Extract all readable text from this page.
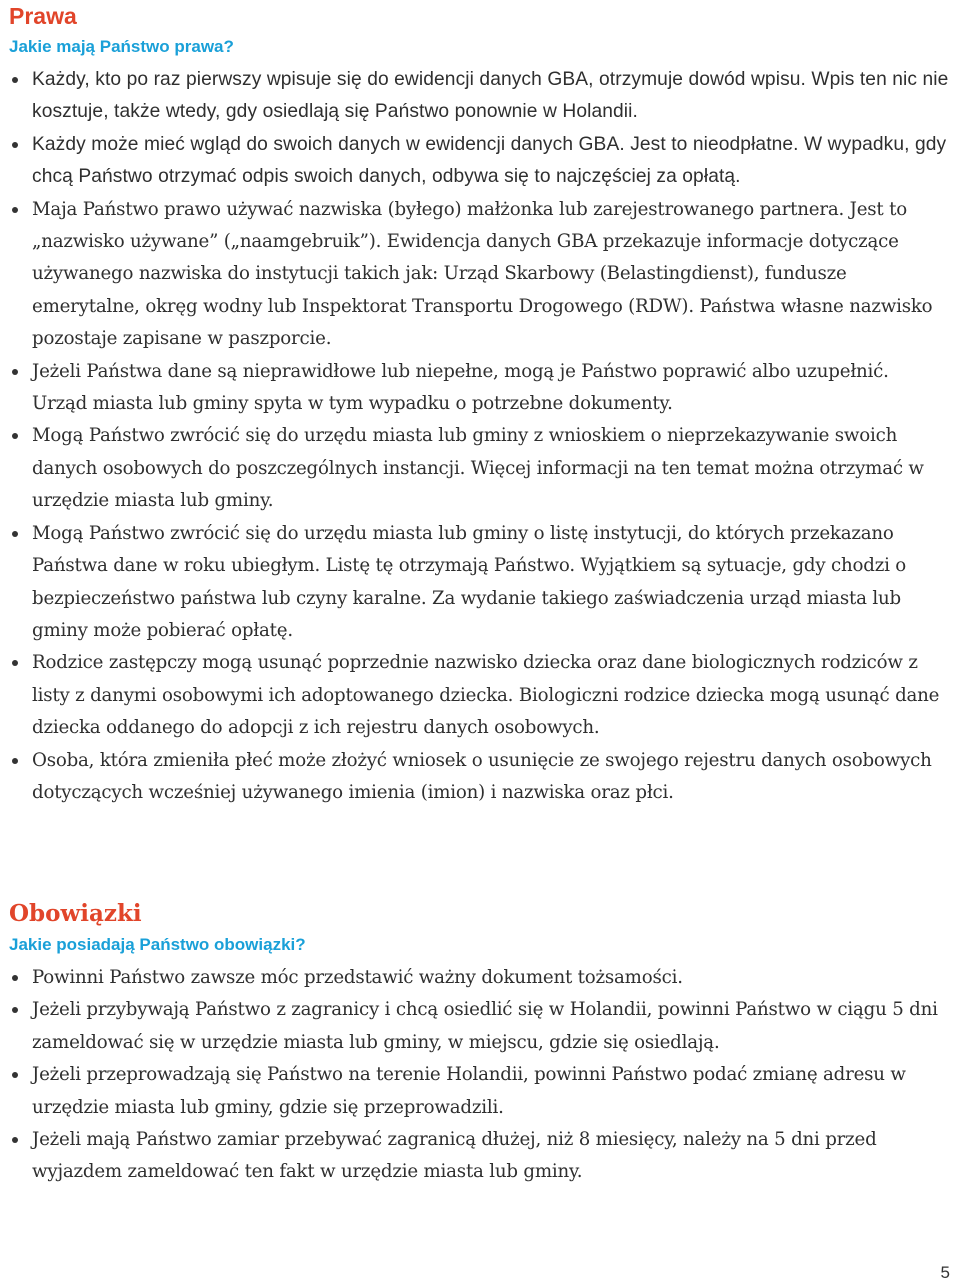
Prawa
Jakie mają Państwo prawa?
Każdy, kto po raz pierwszy wpisuje się do ewidencji danych GBA, otrzymuje dowód wpisu. Wpis ten nic nie kosztuje, także wtedy, gdy osiedlają się Państwo ponownie w Holandii.
Każdy może mieć wgląd do swoich danych w ewidencji danych GBA. Jest to nieodpłatne. W wypadku, gdy chcą Państwo otrzymać odpis swoich danych, odbywa się to najczęściej za opłatą.
Maja Państwo prawo używać nazwiska (byłego) małżonka lub zarejestrowanego partnera. Jest to „nazwisko używane” („naamgebruik”). Ewidencja danych GBA przekazuje informacje dotyczące używanego nazwiska do instytucji takich jak: Urząd Skarbowy (Belastingdienst), fundusze emerytalne, okręg wodny lub Inspektorat Transportu Drogowego (RDW). Państwa własne nazwisko pozostaje zapisane w paszporcie.
Jeżeli Państwa dane są nieprawidłowe lub niepełne, mogą je Państwo poprawić albo uzupełnić. Urząd miasta lub gminy spyta w tym wypadku o potrzebne dokumenty.
Mogą Państwo zwrócić się do urzędu miasta lub gminy z wnioskiem o nieprzekazywanie swoich danych osobowych do poszczególnych instancji. Więcej informacji na ten temat można otrzymać w urzędzie miasta lub gminy.
Mogą Państwo zwrócić się do urzędu miasta lub gminy o listę instytucji, do których przekazano Państwa dane w roku ubiegłym. Listę tę otrzymają Państwo. Wyjątkiem są sytuacje, gdy chodzi o bezpieczeństwo państwa lub czyny karalne. Za wydanie takiego zaświadczenia urząd miasta lub gminy może pobierać opłatę.
Rodzice zastępczy mogą usunąć poprzednie nazwisko dziecka oraz dane biologicznych rodziców z listy z danymi osobowymi ich adoptowanego dziecka. Biologiczni rodzice dziecka mogą usunąć dane dziecka oddanego do adopcji z ich rejestru danych osobowych.
Osoba, która zmieniła płeć może złożyć wniosek o usunięcie ze swojego rejestru danych osobowych dotyczących wcześniej używanego imienia (imion) i nazwiska oraz płci.
Obowiązki
Jakie posiadają Państwo obowiązki?
Powinni Państwo zawsze móc przedstawić ważny dokument tożsamości.
Jeżeli przybywają Państwo z zagranicy i chcą osiedlić się w Holandii, powinni Państwo w ciągu 5 dni zameldować się w urzędzie miasta lub gminy, w miejscu, gdzie się osiedlają.
Jeżeli przeprowadzają się Państwo na terenie Holandii, powinni Państwo podać zmianę adresu w urzędzie miasta lub gminy, gdzie się przeprowadzili.
Jeżeli mają Państwo zamiar przebywać zagranicą dłużej, niż 8 miesięcy, należy na 5 dni przed wyjazdem zameldować ten fakt w urzędzie miasta lub gminy.
5
